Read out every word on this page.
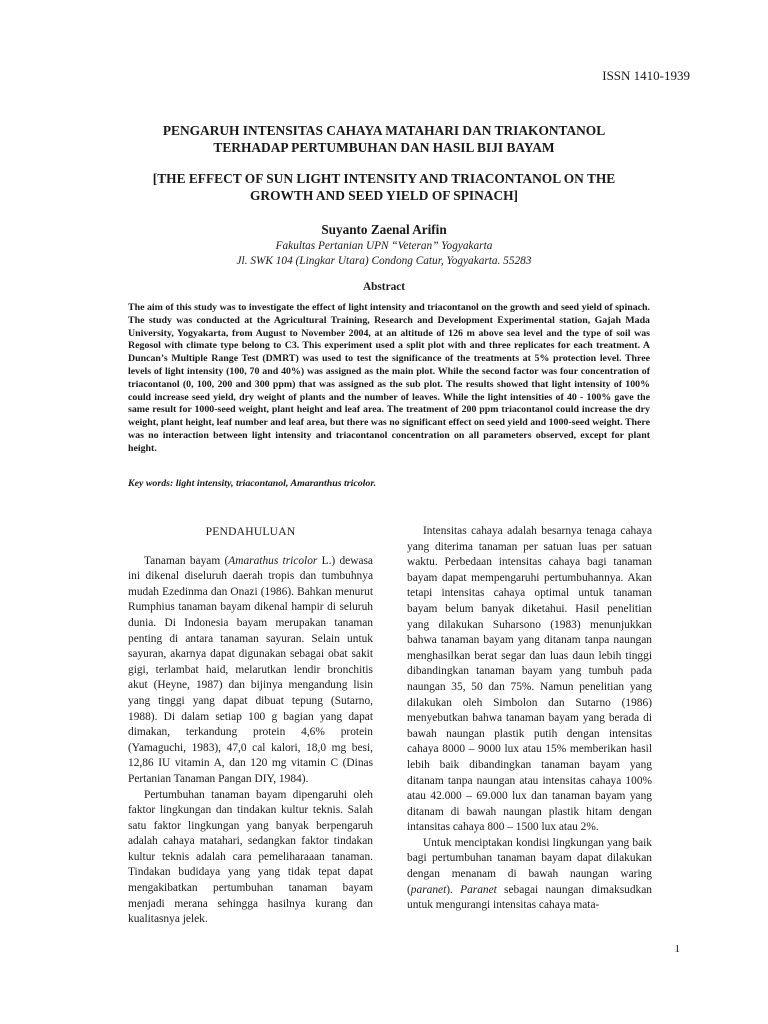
ISSN 1410-1939
PENGARUH INTENSITAS CAHAYA MATAHARI DAN TRIAKONTANOL
TERHADAP PERTUMBUHAN DAN HASIL BIJI BAYAM
[THE EFFECT OF SUN LIGHT INTENSITY AND TRIACONTANOL ON THE
GROWTH AND SEED YIELD OF SPINACH]
Suyanto Zaenal Arifin
Fakultas Pertanian UPN “Veteran” Yogyakarta
Jl. SWK 104 (Lingkar Utara) Condong Catur, Yogyakarta. 55283
Abstract

The aim of this study was to investigate the effect of light intensity and triacontanol on the growth and seed yield of spinach. The study was conducted at the Agricultural Training, Research and Development Experimental station, Gajah Mada University, Yogyakarta, from August to November 2004, at an altitude of 126 m above sea level and the type of soil was Regosol with climate type belong to C3. This experiment used a split plot with and three replicates for each treatment. A Duncan’s Multiple Range Test (DMRT) was used to test the significance of the treatments at 5% protection level. Three levels of light intensity (100, 70 and 40%) was assigned as the main plot. While the second factor was four concentration of triacontanol (0, 100, 200 and 300 ppm) that was assigned as the sub plot. The results showed that light intensity of 100% could increase seed yield, dry weight of plants and the number of leaves. While the light intensities of 40 - 100% gave the same result for 1000-seed weight, plant height and leaf area. The treatment of 200 ppm triacontanol could increase the dry weight, plant height, leaf number and leaf area, but there was no significant effect on seed yield and 1000-seed weight. There was no interaction between light intensity and triacontanol concentration on all parameters observed, except for plant height.

Key words: light intensity, triacontanol, Amaranthus tricolor.

PENDAHULUAN

Tanaman bayam (Amarathus tricolor L.) dewasa ini dikenal diseluruh daerah tropis dan tumbuhnya mudah Ezedinma dan Onazi (1986). Bahkan menurut Rumphius tanaman bayam dikenal hampir di seluruh dunia. Di Indonesia bayam merupakan tanaman penting di antara tanaman sayuran. Selain untuk sayuran, akarnya dapat digunakan sebagai obat sakit gigi, terlambat haid, melarutkan lendir bronchitis akut (Heyne, 1987) dan bijinya mengandung lisin yang tinggi yang dapat dibuat tepung (Sutarno, 1988). Di dalam setiap 100 g bagian yang dapat dimakan, terkandung protein 4,6% protein (Yamaguchi, 1983), 47,0 cal kalori, 18,0 mg besi, 12,86 IU vitamin A, dan 120 mg vitamin C (Dinas Pertanian Tanaman Pangan DIY, 1984).

Pertumbuhan tanaman bayam dipengaruhi oleh faktor lingkungan dan tindakan kultur teknis. Salah satu faktor lingkungan yang banyak berpengaruh adalah cahaya matahari, sedangkan faktor tindakan kultur teknis adalah cara pemeliharaaan tanaman. Tindakan budidaya yang yang tidak tepat dapat mengakibatkan pertumbuhan tanaman bayam menjadi merana sehingga hasilnya kurang dan kualitasnya jelek.

Intensitas cahaya adalah besarnya tenaga cahaya yang diterima tanaman per satuan luas per satuan waktu. Perbedaan intensitas cahaya bagi tanaman bayam dapat mempengaruhi pertumbuhannya. Akan tetapi intensitas cahaya optimal untuk tanaman bayam belum banyak diketahui. Hasil penelitian yang dilakukan Suharsono (1983) menunjukkan bahwa tanaman bayam yang ditanam tanpa naungan menghasilkan berat segar dan luas daun lebih tinggi dibandingkan tanaman bayam yang tumbuh pada naungan 35, 50 dan 75%. Namun penelitian yang dilakukan oleh Simbolon dan Sutarno (1986) menyebutkan bahwa tanaman bayam yang berada di bawah naungan plastik putih dengan intensitas cahaya 8000 – 9000 lux atau 15% memberikan hasil lebih baik dibandingkan tanaman bayam yang ditanam tanpa naungan atau intensitas cahaya 100% atau 42.000 – 69.000 lux dan tanaman bayam yang ditanam di bawah naungan plastik hitam dengan intansitas cahaya 800 – 1500 lux atau 2%.

Untuk menciptakan kondisi lingkungan yang baik bagi pertumbuhan tanaman bayam dapat dilakukan dengan menanam di bawah naungan waring (paranet). Paranet sebagai naungan dimaksudkan untuk mengurangi intensitas cahaya mata-

1
